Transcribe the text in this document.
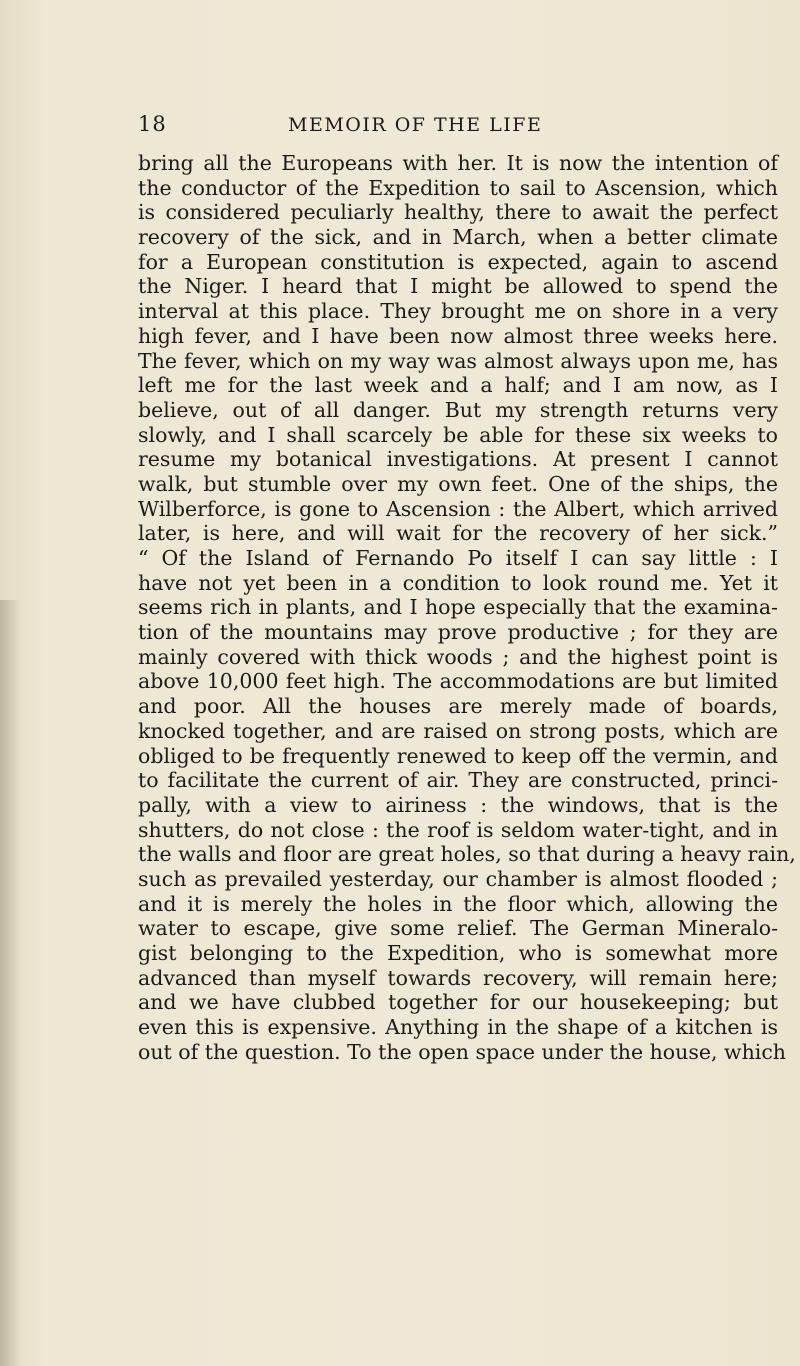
18	MEMOIR OF THE LIFE
bring all the Europeans with her. It is now the intention of
the conductor of the Expedition to sail to Ascension, which
is considered peculiarly healthy, there to await the perfect
recovery of the sick, and in March, when a better climate
for a European constitution is expected, again to ascend
the Niger. I heard that I might be allowed to spend the
interval at this place. They brought me on shore in a very
high fever, and I have been now almost three weeks here.
The fever, which on my way was almost always upon me, has
left me for the last week and a half; and I am now, as I
believe, out of all danger. But my strength returns very
slowly, and I shall scarcely be able for these six weeks to
resume my botanical investigations. At present I cannot
walk, but stumble over my own feet. One of the ships, the
Wilberforce, is gone to Ascension : the Albert, which arrived
later, is here, and will wait for the recovery of her sick.”
“ Of the Island of Fernando Po itself I can say little : I
have not yet been in a condition to look round me. Yet it
seems rich in plants, and I hope especially that the examina-
tion of the mountains may prove productive ; for they are
mainly covered with thick woods ; and the highest point is
above 10,000 feet high. The accommodations are but limited
and poor. All the houses are merely made of boards,
knocked together, and are raised on strong posts, which are
obliged to be frequently renewed to keep off the vermin, and
to facilitate the current of air. They are constructed, princi-
pally, with a view to airiness : the windows, that is the
shutters, do not close : the roof is seldom water-tight, and in
the walls and floor are great holes, so that during a heavy rain,
such as prevailed yesterday, our chamber is almost flooded ;
and it is merely the holes in the floor which, allowing the
water to escape, give some relief. The German Mineralo-
gist belonging to the Expedition, who is somewhat more
advanced than myself towards recovery, will remain here;
and we have clubbed together for our housekeeping; but
even this is expensive. Anything in the shape of a kitchen is
out of the question. To the open space under the house, which
